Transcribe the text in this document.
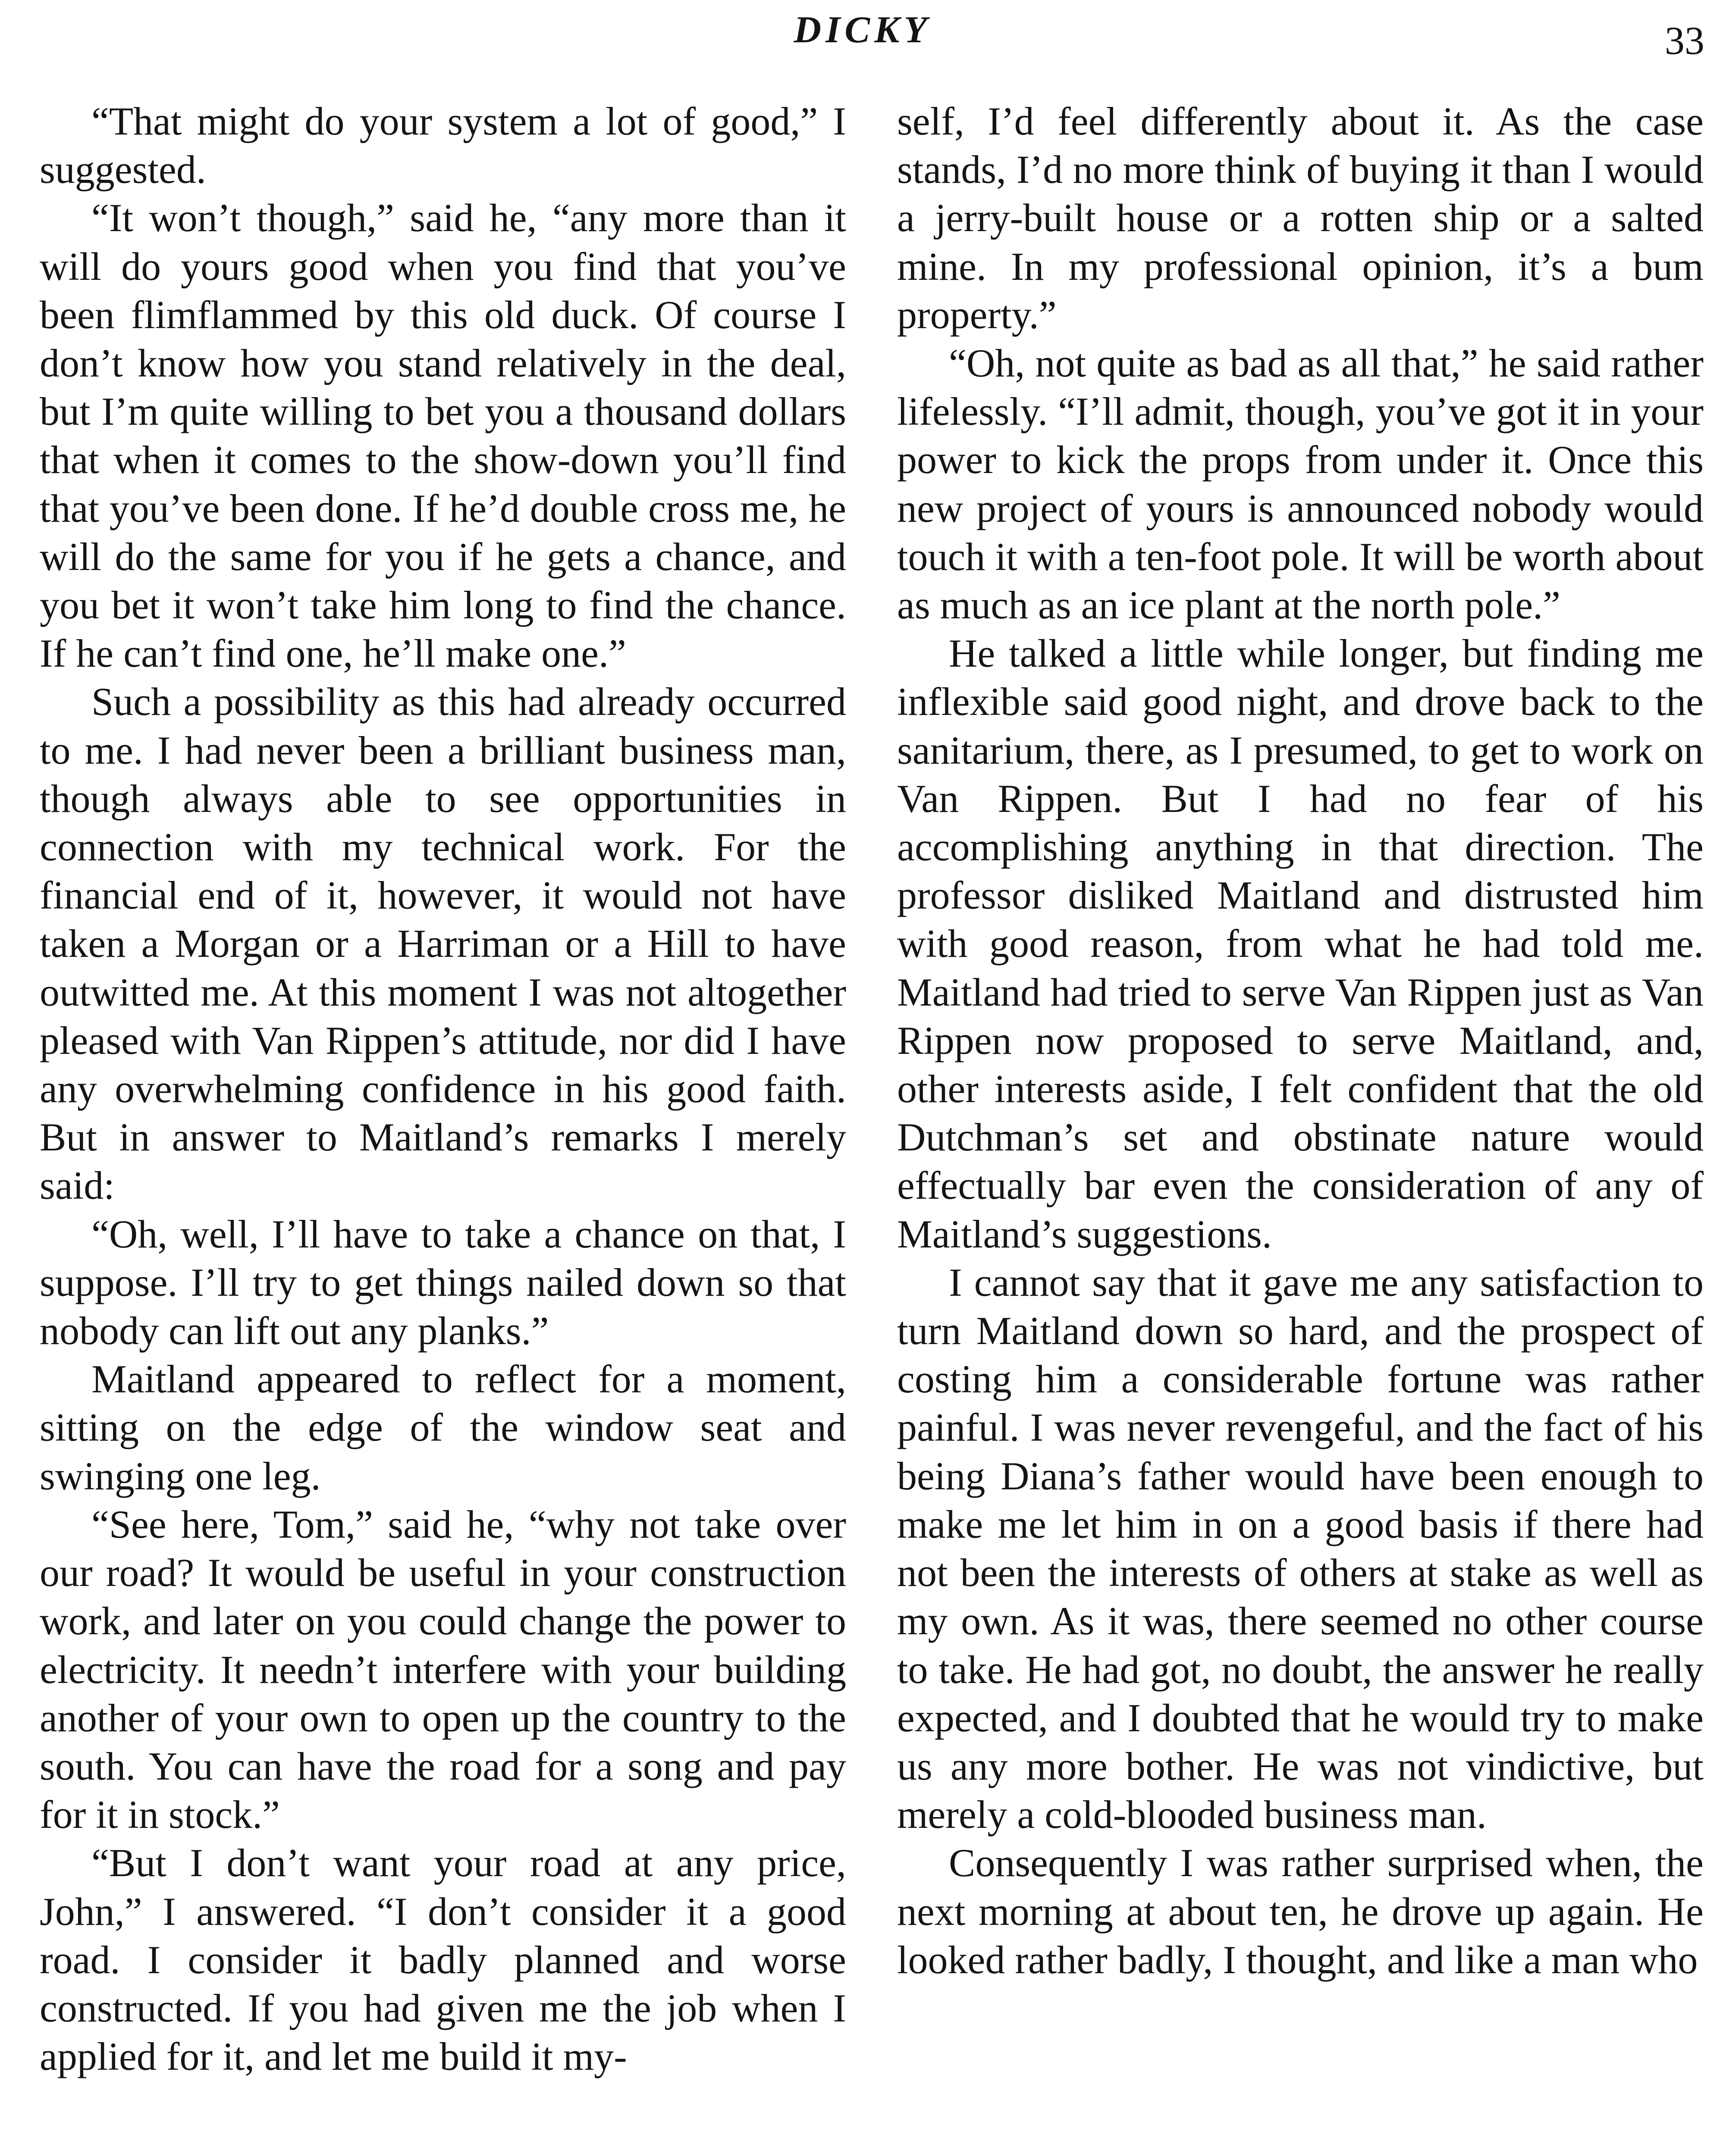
DICKY	33

“That might do your system a lot of good,” I suggested.

“It won’t though,” said he, “any more than it will do yours good when you find that you’ve been flimflammed by this old duck. Of course I don’t know how you stand relatively in the deal, but I’m quite willing to bet you a thousand dollars that when it comes to the show-down you’ll find that you’ve been done. If he’d double cross me, he will do the same for you if he gets a chance, and you bet it won’t take him long to find the chance. If he can’t find one, he’ll make one.”

Such a possibility as this had already occurred to me. I had never been a brilliant business man, though always able to see opportunities in connection with my technical work. For the financial end of it, however, it would not have taken a Morgan or a Harriman or a Hill to have outwitted me. At this moment I was not altogether pleased with Van Rippen’s attitude, nor did I have any overwhelming confidence in his good faith. But in answer to Maitland’s remarks I merely said:

“Oh, well, I’ll have to take a chance on that, I suppose. I’ll try to get things nailed down so that nobody can lift out any planks.”

Maitland appeared to reflect for a moment, sitting on the edge of the window seat and swinging one leg.

“See here, Tom,” said he, “why not take over our road? It would be useful in your construction work, and later on you could change the power to electricity. It needn’t interfere with your building another of your own to open up the country to the south. You can have the road for a song and pay for it in stock.”

“But I don’t want your road at any price, John,” I answered. “I don’t consider it a good road. I consider it badly planned and worse constructed. If you had given me the job when I applied for it, and let me build it my-

self, I’d feel differently about it. As the case stands, I’d no more think of buying it than I would a jerry-built house or a rotten ship or a salted mine. In my professional opinion, it’s a bum property.”

“Oh, not quite as bad as all that,” he said rather lifelessly. “I’ll admit, though, you’ve got it in your power to kick the props from under it. Once this new project of yours is announced nobody would touch it with a ten-foot pole. It will be worth about as much as an ice plant at the north pole.”

He talked a little while longer, but finding me inflexible said good night, and drove back to the sanitarium, there, as I presumed, to get to work on Van Rippen. But I had no fear of his accomplishing anything in that direction. The professor disliked Maitland and distrusted him with good reason, from what he had told me. Maitland had tried to serve Van Rippen just as Van Rippen now proposed to serve Maitland, and, other interests aside, I felt confident that the old Dutchman’s set and obstinate nature would effectually bar even the consideration of any of Maitland’s suggestions.

I cannot say that it gave me any satisfaction to turn Maitland down so hard, and the prospect of costing him a considerable fortune was rather painful. I was never revengeful, and the fact of his being Diana’s father would have been enough to make me let him in on a good basis if there had not been the interests of others at stake as well as my own. As it was, there seemed no other course to take. He had got, no doubt, the answer he really expected, and I doubted that he would try to make us any more bother. He was not vindictive, but merely a cold-blooded business man.

Consequently I was rather surprised when, the next morning at about ten, he drove up again. He looked rather badly, I thought, and like a man who
